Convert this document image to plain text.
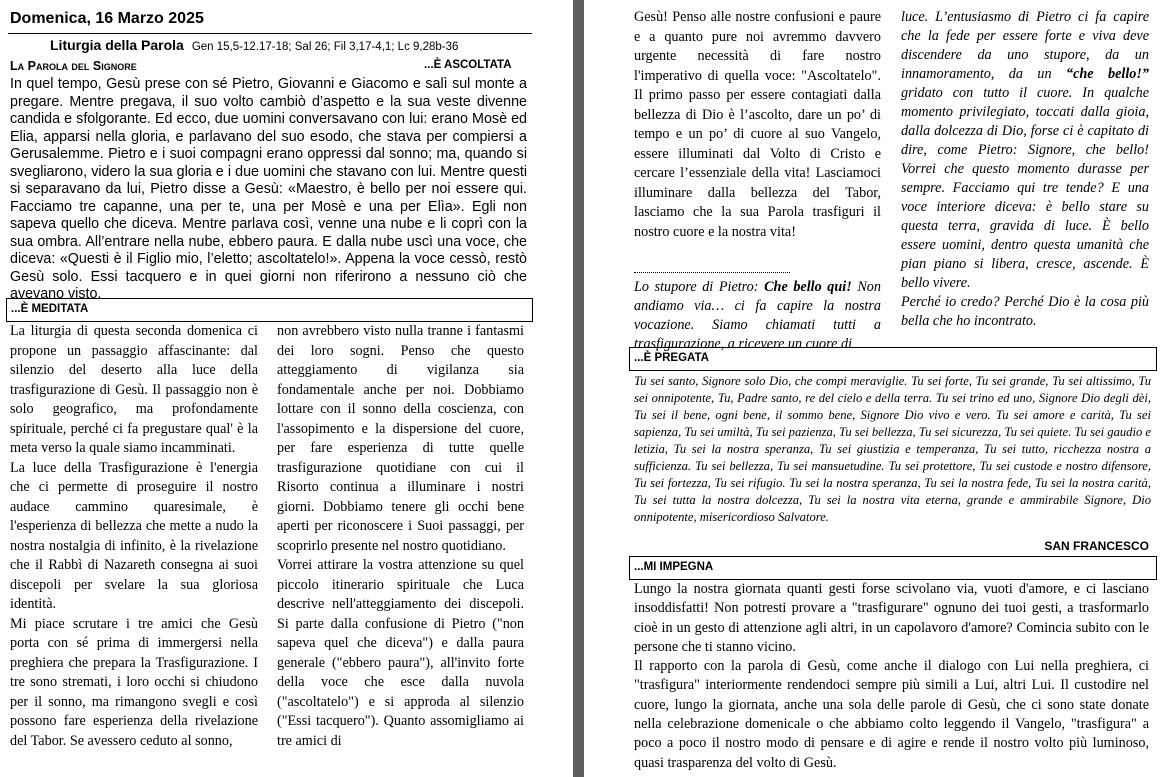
Domenica, 16 Marzo 2025
Liturgia della Parola Gen 15,5-12.17-18; Sal 26; Fil 3,17-4,1; Lc 9,28b-36
La Parola del Signore	...È ASCOLTATA

In quel tempo, Gesù prese con sé Pietro, Giovanni e Giacomo e salì sul monte a pregare. Mentre pregava, il suo volto cambiò d’aspetto e la sua veste divenne candida e sfolgorante. Ed ecco, due uomini conversavano con lui: erano Mosè ed Elia, apparsi nella gloria, e parlavano del suo esodo, che stava per compiersi a Gerusalemme. Pietro e i suoi compagni erano oppressi dal sonno; ma, quando si svegliarono, videro la sua gloria e i due uomini che stavano con lui. Mentre questi si separavano da lui, Pietro disse a Gesù: «Maestro, è bello per noi essere qui. Facciamo tre capanne, una per te, una per Mosè e una per Elìa». Egli non sapeva quello che diceva. Mentre parlava così, venne una nube e li coprì con la sua ombra. All’entrare nella nube, ebbero paura. E dalla nube uscì una voce, che diceva: «Questi è il Figlio mio, l’eletto; ascoltatelo!». Appena la voce cessò, restò Gesù solo. Essi tacquero e in quei giorni non riferirono a nessuno ciò che avevano visto.

...È MEDITATA

La liturgia di questa seconda domenica ci propone un passaggio affascinante: dal silenzio del deserto alla luce della trasfigurazione di Gesù. Il passaggio non è solo geografico, ma profondamente spirituale, perché ci fa pregustare qual' è la meta verso la quale siamo incamminati.

La luce della Trasfigurazione è l'energia che ci permette di proseguire il nostro audace cammino quaresimale, è l'esperienza di bellezza che mette a nudo la nostra nostalgia di infinito, è la rivelazione che il Rabbì di Nazareth consegna ai suoi discepoli per svelare la sua gloriosa identità.

Mi piace scrutare i tre amici che Gesù porta con sé prima di immergersi nella preghiera che prepara la Trasfigurazione. I tre sono stremati, i loro occhi si chiudono per il sonno, ma rimangono svegli e così possono fare esperienza della rivelazione del Tabor. Se avessero ceduto al sonno,

non avrebbero visto nulla tranne i fantasmi dei loro sogni. Penso che questo atteggiamento di vigilanza sia fondamentale anche per noi. Dobbiamo lottare con il sonno della coscienza, con l'assopimento e la dispersione del cuore, per fare esperienza di tutte quelle trasfigurazione quotidiane con cui il Risorto continua a illuminare i nostri giorni. Dobbiamo tenere gli occhi bene aperti per riconoscere i Suoi passaggi, per scoprirlo presente nel nostro quotidiano.

Vorrei attirare la vostra attenzione su quel piccolo itinerario spirituale che Luca descrive nell'atteggiamento dei discepoli. Si parte dalla confusione di Pietro ("non sapeva quel che diceva") e dalla paura generale ("ebbero paura"), all'invito forte della voce che esce dalla nuvola ("ascoltatelo") e si approda al silenzio ("Essi tacquero"). Quanto assomigliamo ai tre amici di

Gesù! Penso alle nostre confusioni e paure e a quanto pure noi avremmo davvero urgente necessità di fare nostro l'imperativo di quella voce: "Ascoltatelo". Il primo passo per essere contagiati dalla bellezza di Dio è l’ascolto, dare un po’ di tempo e un po’ di cuore al suo Vangelo, essere illuminati dal Volto di Cristo e cercare l’essenziale della vita! Lasciamoci illuminare dalla bellezza del Tabor, lasciamo che la sua Parola trasfiguri il nostro cuore e la nostra vita!

Lo stupore di Pietro: Che bello qui! Non andiamo via… ci fa capire la nostra vocazione. Siamo chiamati tutti a trasfigurazione, a ricevere un cuore di

luce. L’entusiasmo di Pietro ci fa capire che la fede per essere forte e viva deve discendere da uno stupore, da un innamoramento, da un “che bello!” gridato con tutto il cuore. In qualche momento privilegiato, toccati dalla gioia, dalla dolcezza di Dio, forse ci è capitato di dire, come Pietro: Signore, che bello! Vorrei che questo momento durasse per sempre. Facciamo qui tre tende? E una voce interiore diceva: è bello stare su questa terra, gravida di luce. È bello essere uomini, dentro questa umanità che pian piano si libera, cresce, ascende. È bello vivere.

Perché io credo? Perché Dio è la cosa più bella che ho incontrato.

...È PREGATA

Tu sei santo, Signore solo Dio, che compi meraviglie. Tu sei forte, Tu sei grande, Tu sei altissimo, Tu sei onnipotente, Tu, Padre santo, re del cielo e della terra. Tu sei trino ed uno, Signore Dio degli dèi, Tu sei il bene, ogni bene, il sommo bene, Signore Dio vivo e vero. Tu sei amore e carità, Tu sei sapienza, Tu sei umiltà, Tu sei pazienza, Tu sei bellezza, Tu sei sicurezza, Tu sei quiete. Tu sei gaudio e letizia, Tu sei la nostra speranza, Tu sei giustizia e temperanza, Tu sei tutto, ricchezza nostra a sufficienza. Tu sei bellezza, Tu sei mansuetudine. Tu sei protettore, Tu sei custode e nostro difensore, Tu sei fortezza, Tu sei rifugio. Tu sei la nostra speranza, Tu sei la nostra fede, Tu sei la nostra carità, Tu sei tutta la nostra dolcezza, Tu sei la nostra vita eterna, grande e ammirabile Signore, Dio onnipotente, misericordioso Salvatore.

SAN FRANCESCO
...MI IMPEGNA

Lungo la nostra giornata quanti gesti forse scivolano via, vuoti d'amore, e ci lasciano insoddisfatti! Non potresti provare a "trasfigurare" ognuno dei tuoi gesti, a trasformarlo cioè in un gesto di attenzione agli altri, in un capolavoro d'amore? Comincia subito con le persone che ti stanno vicino.

Il rapporto con la parola di Gesù, come anche il dialogo con Lui nella preghiera, ci "trasfigura" interiormente rendendoci sempre più simili a Lui, altri Lui. Il custodire nel cuore, lungo la giornata, anche una sola delle parole di Gesù, che ci sono state donate nella celebrazione domenicale o che abbiamo colto leggendo il Vangelo, "trasfigura" a poco a poco il nostro modo di pensare e di agire e rende il nostro volto più luminoso, quasi trasparenza del volto di Gesù.
